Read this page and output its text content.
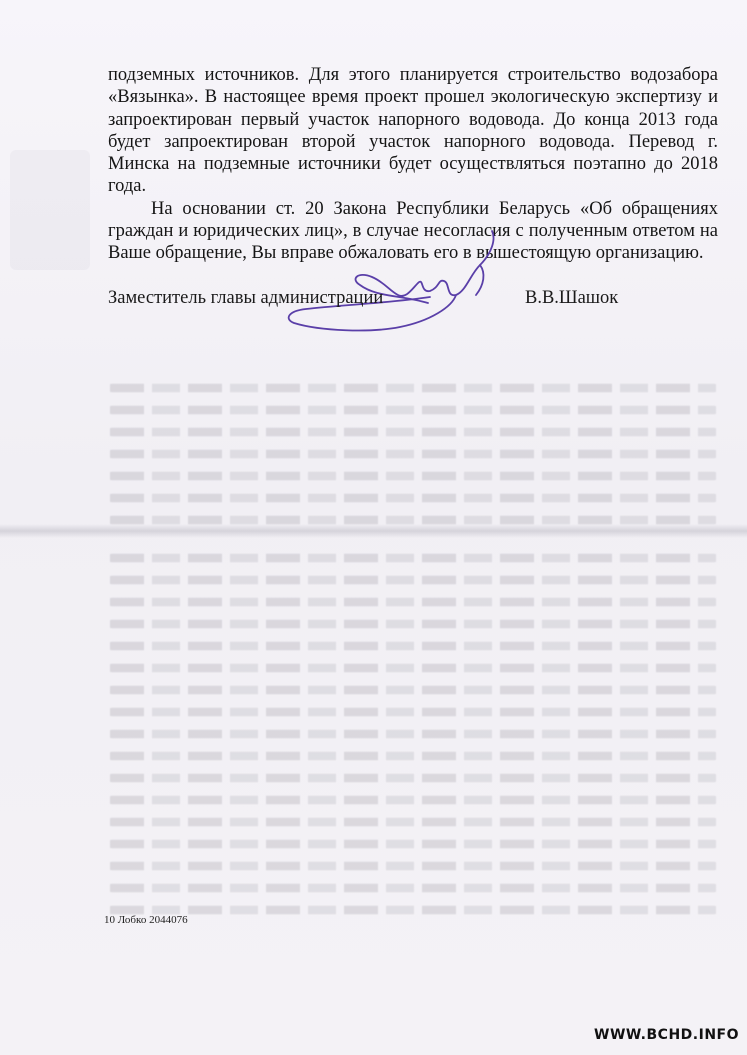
подземных источников. Для этого планируется строительство водозабора «Вязынка». В настоящее время проект прошел экологическую экспертизу и запроектирован первый участок напорного водовода. До конца 2013 года будет запроектирован второй участок напорного водовода. Перевод г. Минска на подземные источники будет осуществляться поэтапно до 2018 года.

На основании ст. 20 Закона Республики Беларусь «Об обращениях граждан и юридических лиц», в случае несогласия с полученным ответом на Ваше обращение, Вы вправе обжаловать его в вышестоящую организацию.

Заместитель главы администрации	В.В.Шашок
10 Лобко 2044076
WWW.BCHD.INFO
